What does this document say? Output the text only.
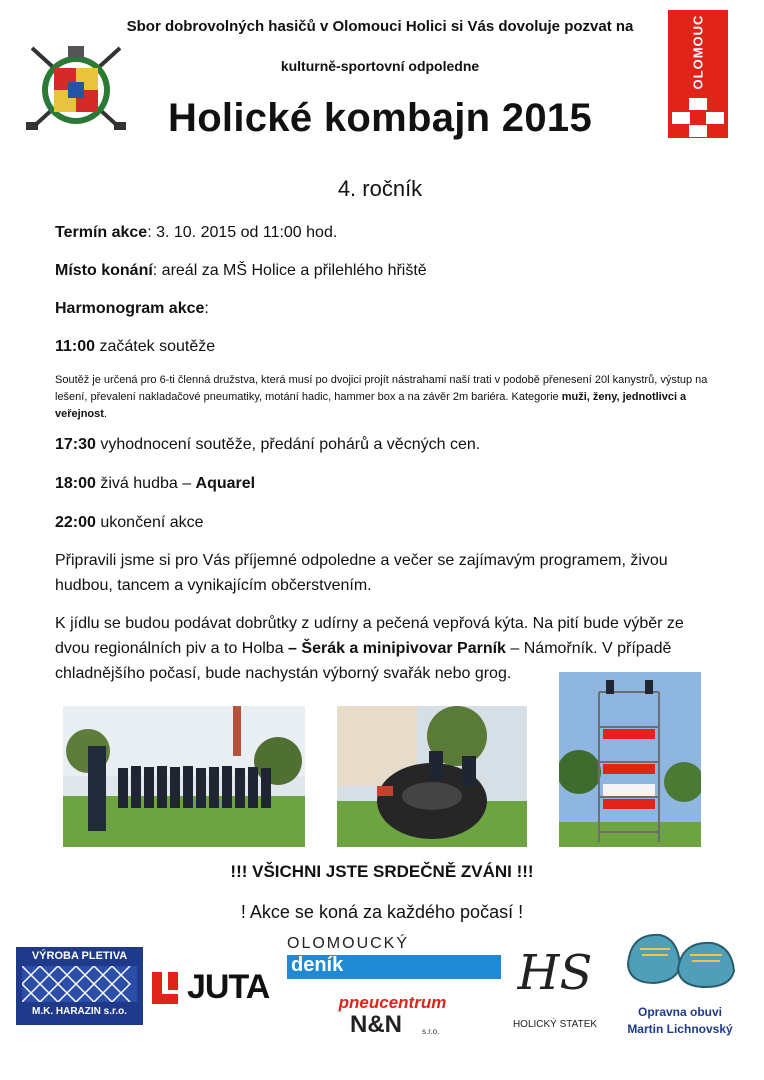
Sbor dobrovolných hasičů v Olomouci Holici si Vás dovoluje pozvat na
kulturně-sportovní odpoledne
Holické kombajn 2015
4. ročník
OLOMOUC
Termín akce: 3. 10. 2015 od 11:00 hod.
Místo konání: areál za MŠ Holice a přilehlého hřiště
Harmonogram akce:
11:00 začátek soutěže
Soutěž je určená pro 6-ti členná družstva, která musí po dvojici projít nástrahami naší trati v podobě přenesení 20l kanystrů, výstup na lešení, převalení nakladačové pneumatiky, motání hadic, hammer box a na závěr 2m bariéra. Kategorie muži, ženy, jednotlivci a veřejnost.
17:30 vyhodnocení soutěže, předání pohárů a věcných cen.
18:00 živá hudba – Aquarel
22:00 ukončení akce
Připravili jsme si pro Vás příjemné odpoledne a večer se zajímavým programem, živou hudbou, tancem a vynikajícím občerstvením.
K jídlu se budou podávat dobrůtky z udírny a pečená vepřová kýta. Na pití bude výběr ze dvou regionálních piv a to Holba – Šerák a minipivovar Parník – Námořník. V případě chladnějšího počasí, bude nachystán výborný svařák nebo grog.
!!! VŠICHNI JSTE SRDEČNĚ ZVÁNI !!!
! Akce se koná za každého počasí !
VÝROBA PLETIVA
M.K. HARAZIN s.r.o.
JUTA
OLOMOUCKÝ
deník
pneucentrum
N&N	s.r.o.
HS
HOLICKÝ STATEK
Opravna obuvi
Martin Lichnovský
